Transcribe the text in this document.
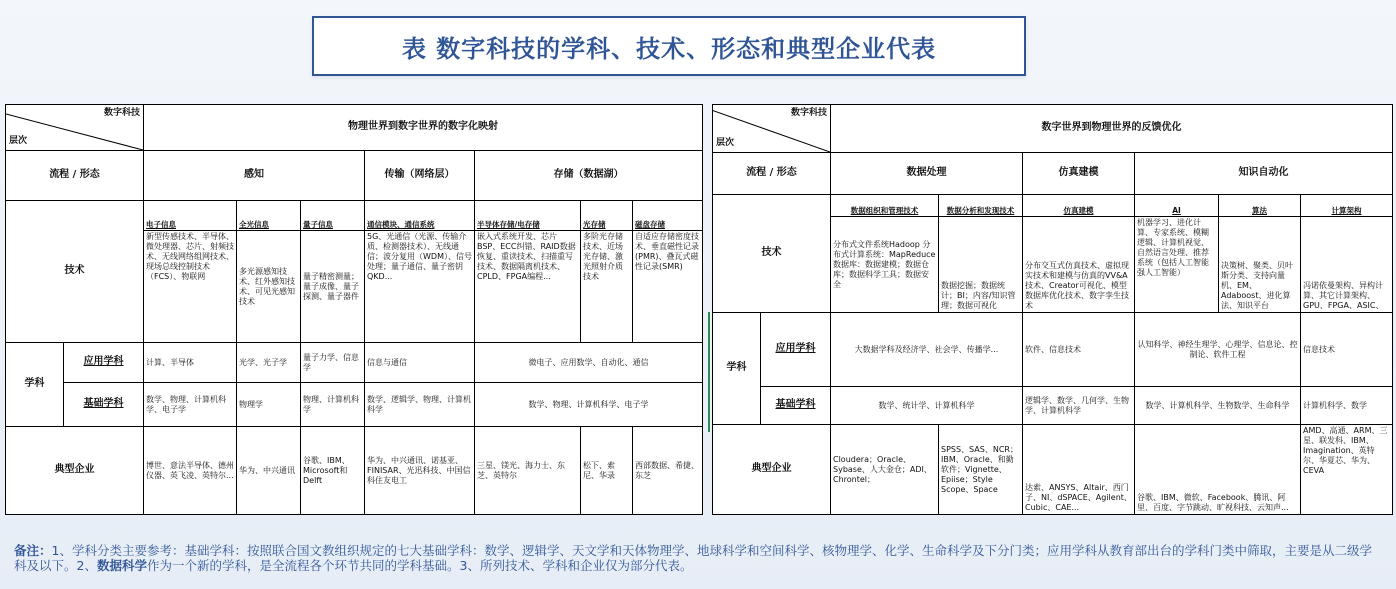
表 数字科技的学科、技术、形态和典型企业代表
数字科技
层次		物理世界到数字世界的数字化映射						

流程 / 形态		感知			传输（网络层）	存储（数据湖）		
技术		电子信息	全光信息	量子信息	通信模块、通信系统	半导体存储/电存储	光存储	磁盘存储
		新型传感技术、半导体、微处理器、芯片、射频技术、无线网络组网技术、现场总线控制技术（FCS）、物联网	多光源感知技术、红外感知技术、可见光感知技术	量子精密测量；量子成像、量子探测、量子器件	5G、光通信（光源、传输介质、检测器技术）、无线通信；波分复用（WDM）、信号处理；量子通信、量子密钥QKD...	嵌入式系统开发、芯片BSP、ECC纠错、RAID数据恢复、重读技术、扫描重写技术、数据隔离机技术、CPLD、FPGA编程...	多阶光存储技术、近场光存储、激光照射介质技术	自适应存储密度技术、垂直磁性记录(PMR)、叠瓦式磁性记录(SMR)
学科	应用学科	计算、半导体	光学、光子学	量子力学、信息学	信息与通信	微电子、应用数学、自动化、通信		
	基础学科	数学、物理、计算机科学、电子学	物理学	物理、计算机科学	数学、逻辑学、物理、计算机科学	数学、物理、计算机科学、电子学		
典型企业		博世、意法半导体、德州仪器、英飞凌、英特尔...	华为、中兴通讯	谷歌、IBM、Microsoft和Delft	华为、中兴通讯、诺基亚、FINISAR、光迅科技、中国信科住友电工	三星、镁光、海力士、东芝、英特尔	松下、索尼、华录	西部数据、希捷、东芝
数字科技
层次		数字世界到物理世界的反馈优化					
流程 / 形态		数据处理		仿真建模	知识自动化		
技术		数据组织和管理技术	数据分析和发现技术	仿真建模	AI	算法	计算架构
		分布式文件系统Hadoop 分布式计算系统：MapReduce 数据库：数据建模；数据仓库；数据科学工具；数据安全	数据挖掘；数据统计；BI；内容/知识管理；数据可视化	分布交互式仿真技术、虚拟现实技术和建模与仿真的VV&A技术、Creator可视化、模型数据库优化技术、数字孪生技术	机器学习、进化计算、专家系统、模糊逻辑、计算机视觉、自然语言处理、推荐系统（包括人工智能强人工智能）	决策树、聚类、贝叶斯分类、支持向量机、EM、Adaboost、进化算法、知识平台	冯诺依曼架构、异构计算、其它计算架构、GPU、FPGA、ASIC、
学科	应用学科	大数据学科及经济学、社会学、传播学...		软件、信息技术	认知科学、神经生理学、心理学、信息论、控制论、软件工程		信息技术
	基础学科	数学、统计学、计算机科学		逻辑学、数学、几何学、生物学、计算机科学	数学、计算机科学、生物数学、生命科学		计算机科学、数学
典型企业		Cloudera；Oracle、Sybase、人大金仓；ADI、Chrontel；	SPSS、SAS、NCR；IBM、Oracle、和勤软件；Vignette、Epiise；Style Scope、Space	达索、ANSYS、Altair、西门子、NI、dSPACE、Agilent、Cubic、CAE...	谷歌、IBM、微软、Facebook、腾讯、阿里、百度、字节跳动、旷视科技、云知声...		AMD、高通、ARM、三星、联发科、IBM、Imagination、英特尔、华夏芯、华为、CEVA
备注：1、学科分类主要参考：基础学科：按照联合国文教组织规定的七大基础学科：数学、逻辑学、天文学和天体物理学、地球科学和空间科学、核物理学、化学、生命科学及下分门类；应用学科从教育部出台的学科门类中筛取，主要是从二级学科及以下。2、数据科学作为一个新的学科，是全流程各个环节共同的学科基础。3、所列技术、学科和企业仅为部分代表。
